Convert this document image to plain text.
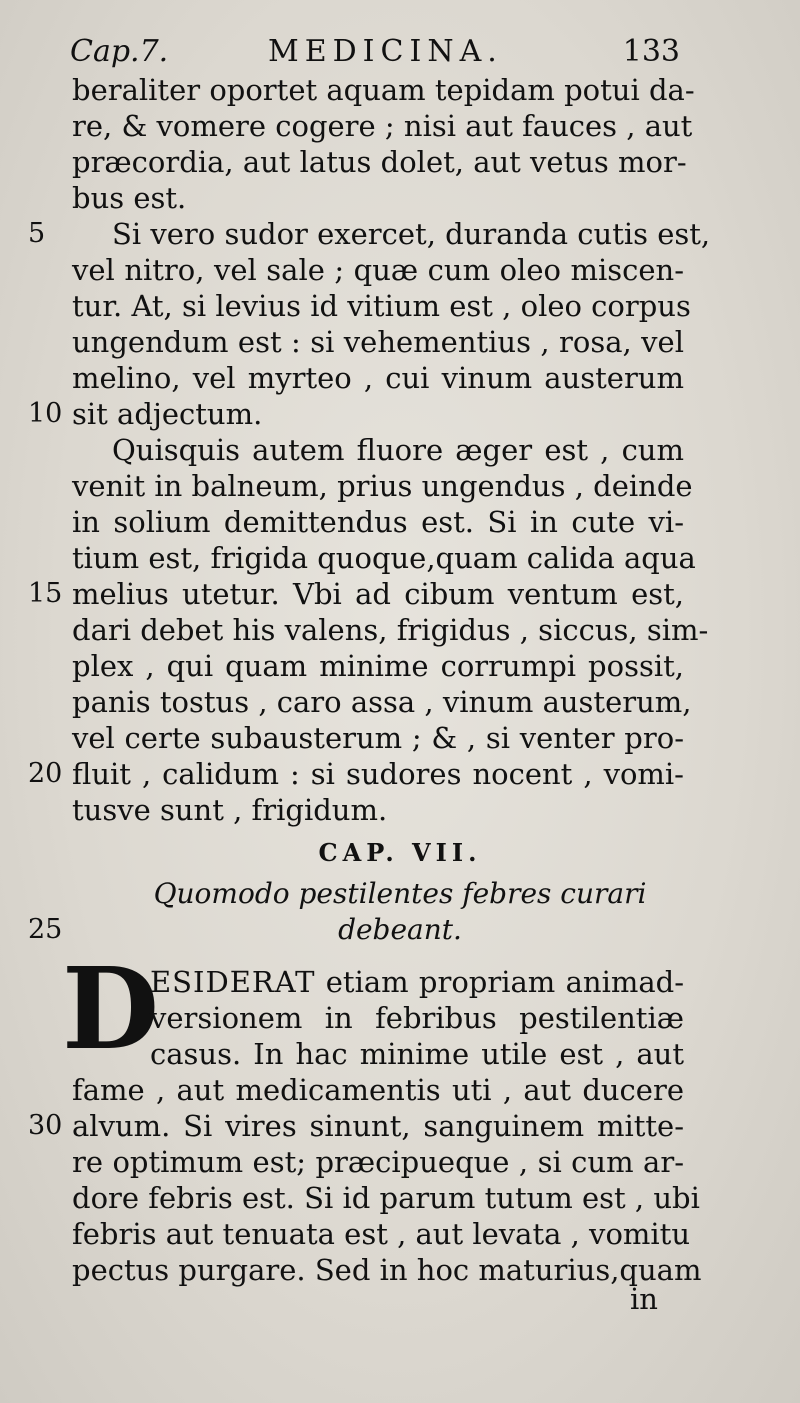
Cap.7.	MEDICINA.	133
beraliter oportet aquam tepidam potui da-
re, & vomere cogere ; nisi aut fauces , aut
præcordia, aut latus dolet, aut vetus mor-
bus est.
5	Si vero sudor exercet, duranda cutis est,
vel nitro, vel sale ; quæ cum oleo miscen-
tur. At, si levius id vitium est , oleo corpus
ungendum est : si vehementius , rosa, vel
melino, vel myrteo , cui vinum austerum
10 sit adjectum.
Quisquis autem fluore æger est , cum
venit in balneum, prius ungendus , deinde
in solium demittendus est. Si in cute vi-
tium est, frigida quoque,quam calida aqua
15 melius utetur. Vbi ad cibum ventum est,
dari debet his valens, frigidus , siccus, sim-
plex , qui quam minime corrumpi possit,
panis tostus , caro assa , vinum austerum,
vel certe subausterum ; & , si venter pro-
20 fluit , calidum : si sudores nocent , vomi-
tusve sunt , frigidum.
CAP. VII.
Quomodo pestilentes febres curari
25	debeant.
D
ESIDERAT etiam propriam animad-
versionem in febribus pestilentiæ
casus. In hac minime utile est , aut
fame , aut medicamentis uti , aut ducere
30 alvum. Si vires sinunt, sanguinem mitte-
re optimum est; præcipueque , si cum ar-
dore febris est. Si id parum tutum est , ubi
febris aut tenuata est , aut levata , vomitu
pectus purgare. Sed in hoc maturius,quam
in
